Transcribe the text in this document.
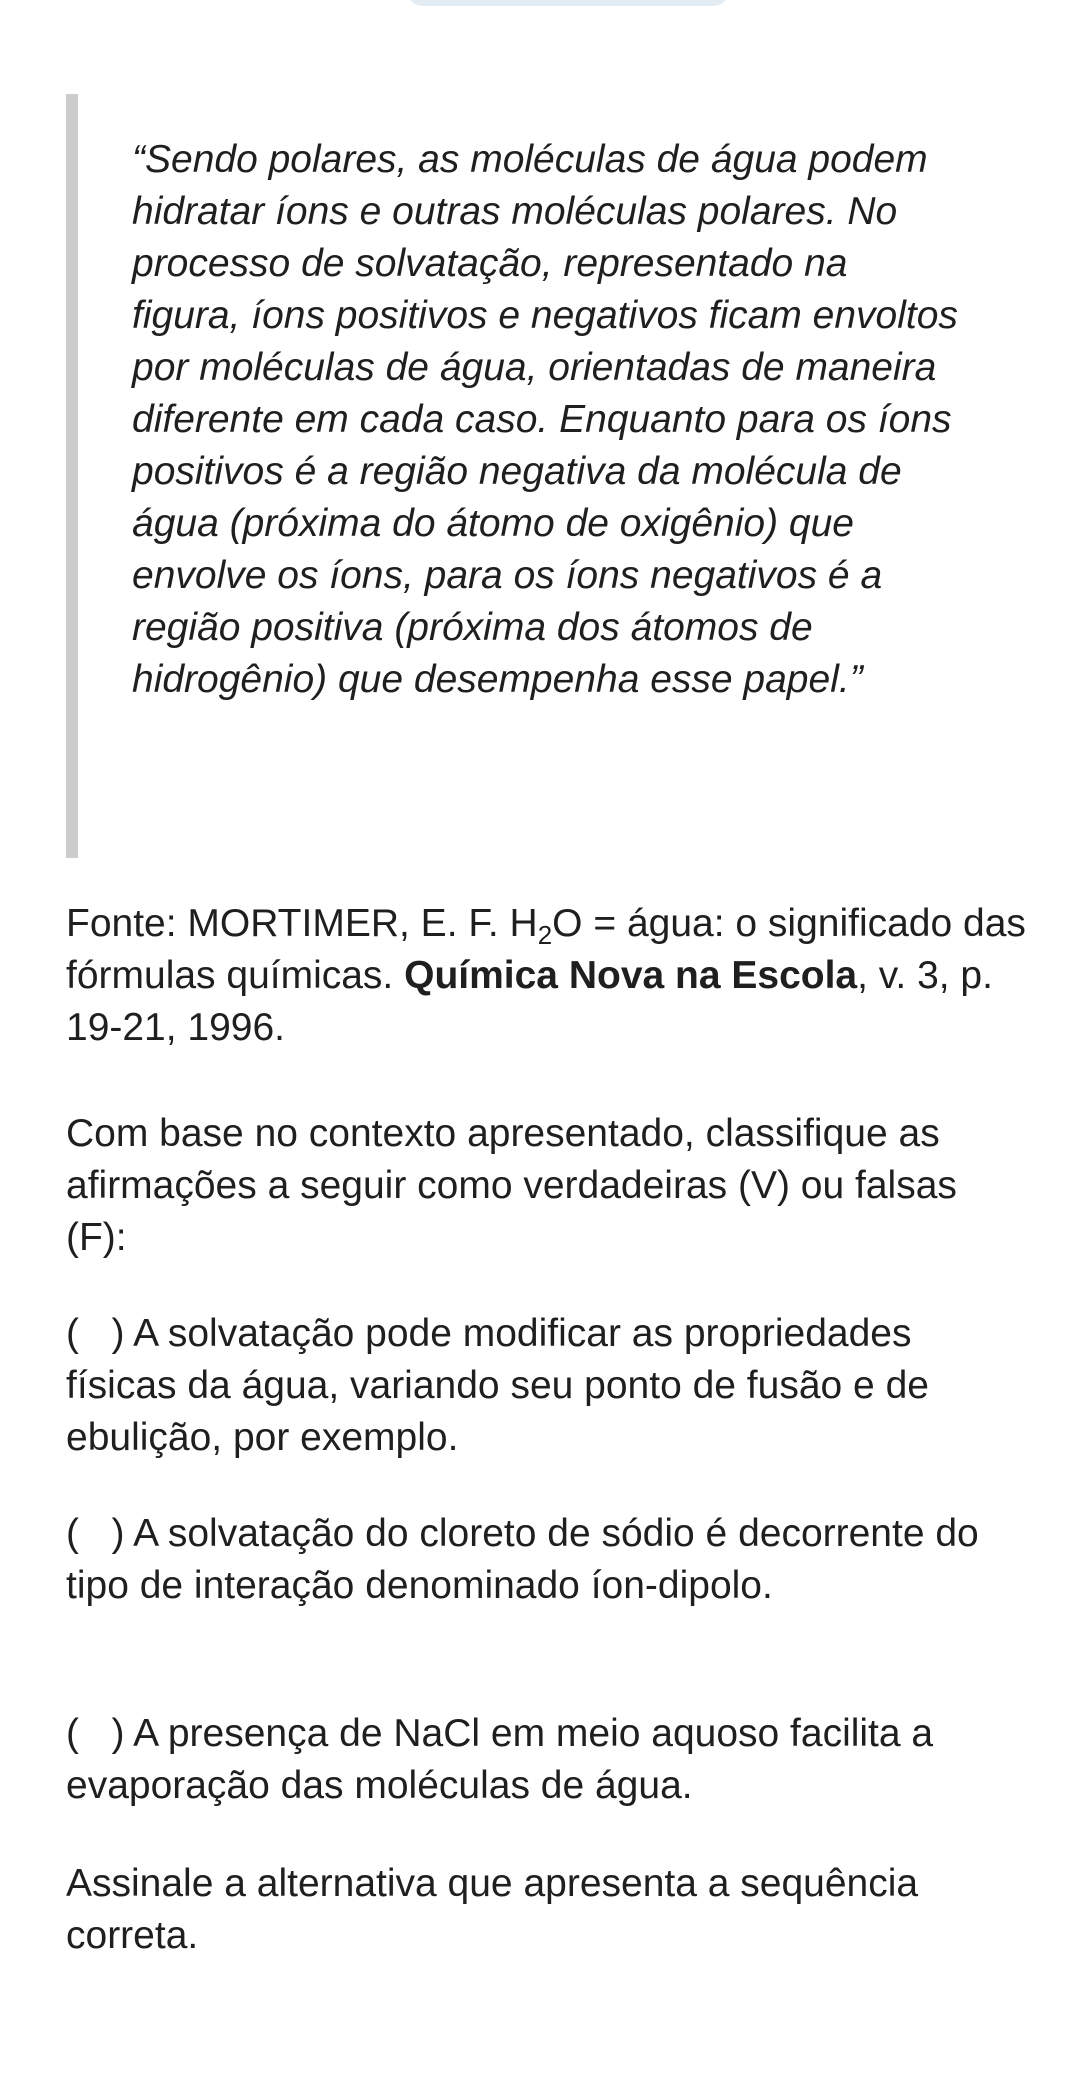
“Sendo polares, as moléculas de água podem hidratar íons e outras moléculas polares. No processo de solvatação, representado na figura, íons positivos e negativos ficam envoltos por moléculas de água, orientadas de maneira diferente em cada caso. Enquanto para os íons positivos é a região negativa da molécula de água (próxima do átomo de oxigênio) que envolve os íons, para os íons negativos é a região positiva (próxima dos átomos de hidrogênio) que desempenha esse papel.”

Fonte: MORTIMER, E. F. $H_2O$ = água: o significado das fórmulas químicas. Química Nova na Escola, v. 3, p. 19-21, 1996.

Com base no contexto apresentado, classifique as afirmações a seguir como verdadeiras (V) ou falsas (F):

(   ) A solvatação pode modificar as propriedades físicas da água, variando seu ponto de fusão e de ebulição, por exemplo.

(   ) A solvatação do cloreto de sódio é decorrente do tipo de interação denominado íon-dipolo.

(   ) A presença de NaCl em meio aquoso facilita a evaporação das moléculas de água.

Assinale a alternativa que apresenta a sequência correta.
